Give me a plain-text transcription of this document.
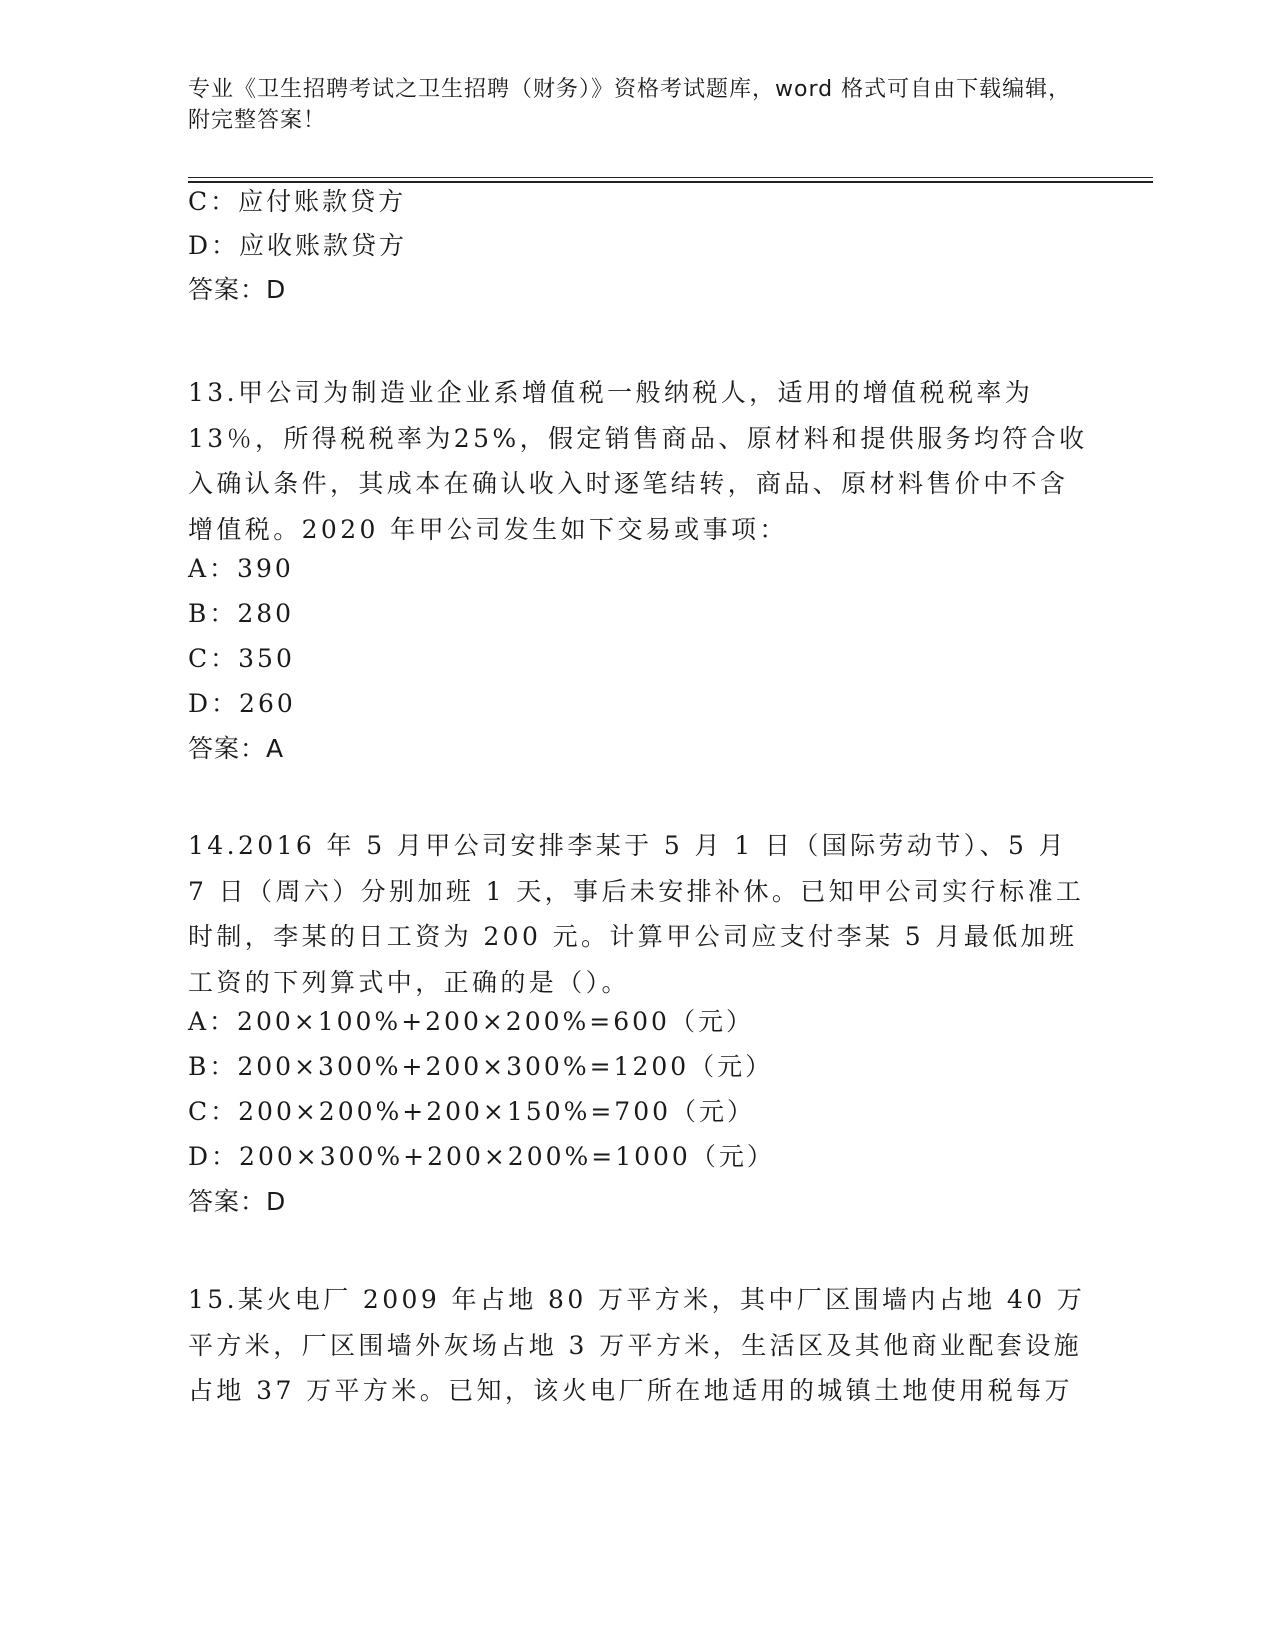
专业《卫生招聘考试之卫生招聘（财务）》资格考试题库，word 格式可自由下载编辑，附完整答案！
C：应付账款贷方
D：应收账款贷方
答案：D
13.甲公司为制造业企业系增值税一般纳税人，适用的增值税税率为13％，所得税税率为25%，假定销售商品、原材料和提供服务均符合收入确认条件，其成本在确认收入时逐笔结转，商品、原材料售价中不含增值税。2020 年甲公司发生如下交易或事项：
A：390
B：280
C：350
D：260
答案：A
14.2016 年 5 月甲公司安排李某于 5 月 1 日（国际劳动节）、5 月 7 日（周六）分别加班 1 天，事后未安排补休。已知甲公司实行标准工时制，李某的日工资为 200 元。计算甲公司应支付李某 5 月最低加班工资的下列算式中，正确的是（）。
A：200×100%+200×200%=600（元）
B：200×300%+200×300%=1200（元）
C：200×200%+200×150%=700（元）
D：200×300%+200×200%=1000（元）
答案：D
15.某火电厂 2009 年占地 80 万平方米，其中厂区围墙内占地 40 万平方米，厂区围墙外灰场占地 3 万平方米，生活区及其他商业配套设施占地 37 万平方米。已知，该火电厂所在地适用的城镇土地使用税每万
